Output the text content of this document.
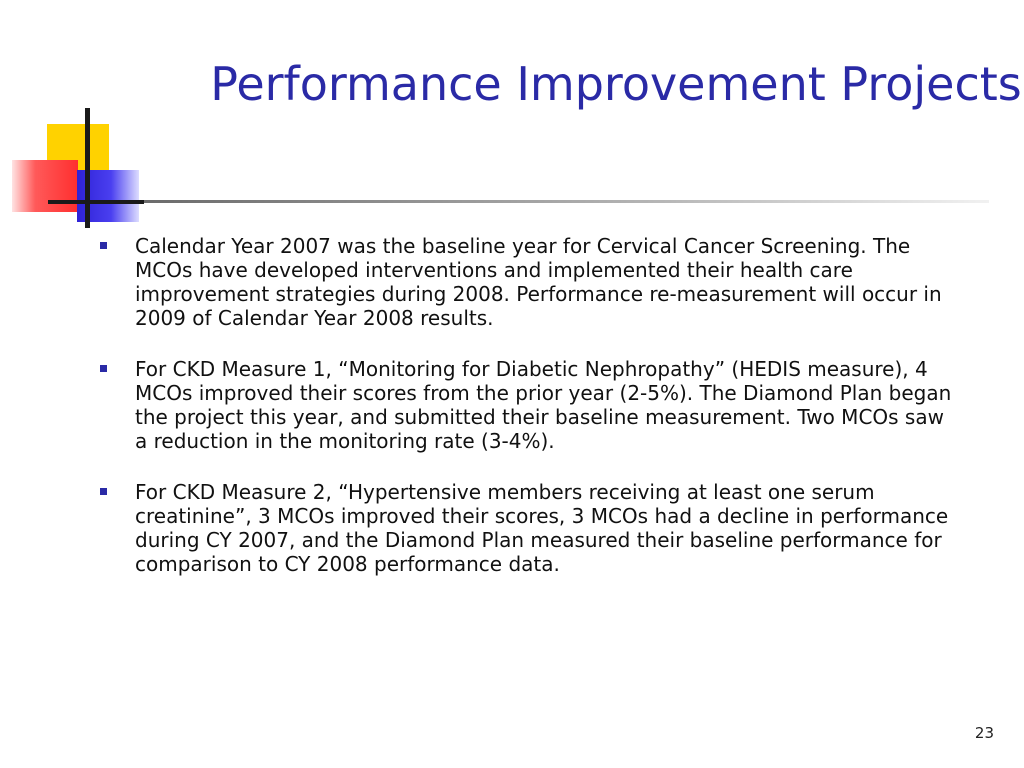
Performance Improvement Projects
Calendar Year 2007 was the baseline year for Cervical Cancer Screening. The MCOs have developed interventions and implemented their health care improvement strategies during 2008. Performance re-measurement will occur in 2009 of Calendar Year 2008 results.
For CKD Measure 1, “Monitoring for Diabetic Nephropathy” (HEDIS measure), 4 MCOs improved their scores from the prior year (2-5%). The Diamond Plan began the project this year, and submitted their baseline measurement. Two MCOs saw a reduction in the monitoring rate (3-4%).
For CKD Measure 2, “Hypertensive members receiving at least one serum creatinine”, 3 MCOs improved their scores, 3 MCOs had a decline in performance during CY 2007, and the Diamond Plan measured their baseline performance for comparison to CY 2008 performance data.
23
